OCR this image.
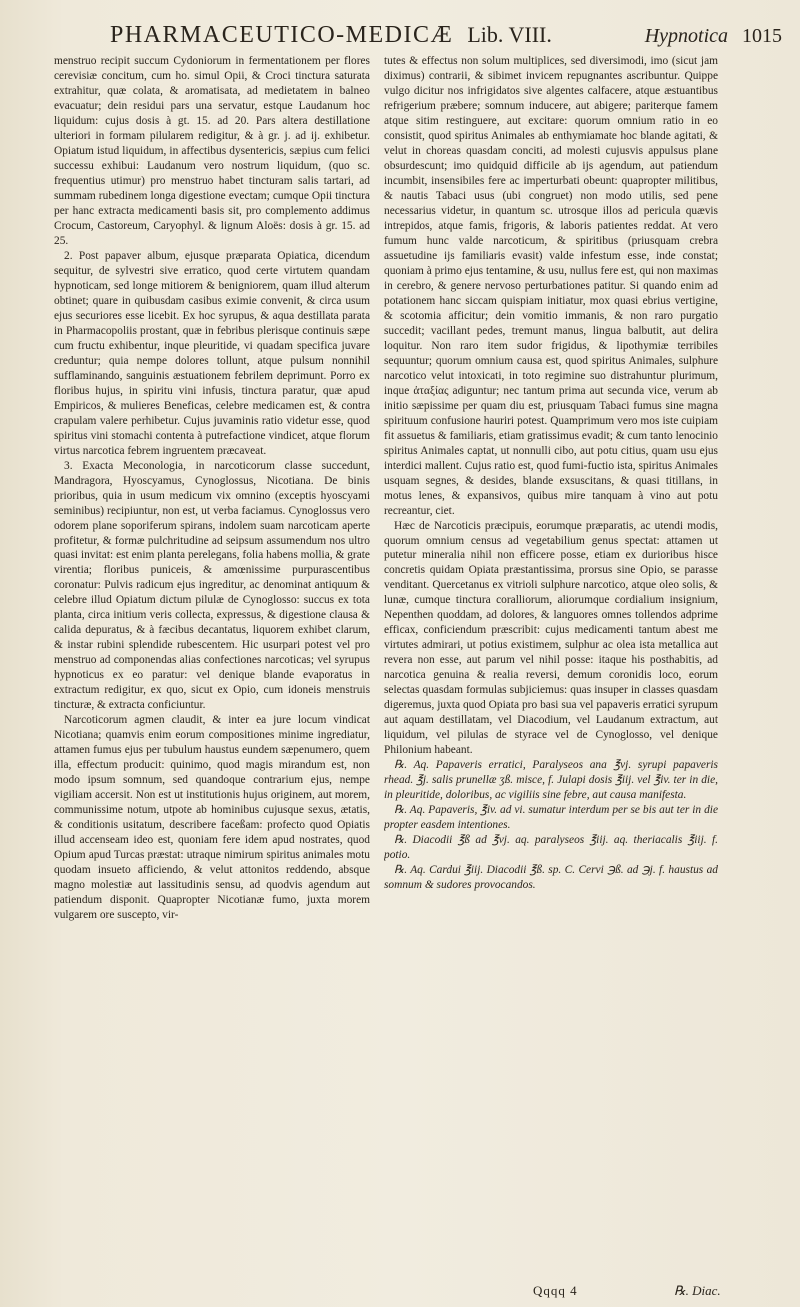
PHARMACEUTICO-MEDICÆ Lib. VIII.	Hypnotica 1015

menstruo recipit succum Cydoniorum in fermentationem per flores cerevisiæ concitum, cum ho. simul Opii, & Croci tinctura saturata extrahitur, quæ colata, & aromatisata, ad medietatem in balneo evacuatur; dein residui pars una servatur, estque Laudanum hoc liquidum: cujus dosis à gt. 15. ad 20. Pars altera destillatione ulteriori in formam pilularem redigitur, & à gr. j. ad ij. exhibetur. Opiatum istud liquidum, in affectibus dysentericis, sæpius cum felici successu exhibui: Laudanum vero nostrum liquidum, (quo sc. frequentius utimur) pro menstruo habet tincturam salis tartari, ad summam rubedinem longa digestione evectam; cumque Opii tinctura per hanc extracta medicamenti basis sit, pro complemento addimus Crocum, Castoreum, Caryophyl. & lignum Aloës: dosis à gr. 15. ad 25.

2. Post papaver album, ejusque præparata Opiatica, dicendum sequitur, de sylvestri sive erratico, quod certe virtutem quandam hypnoticam, sed longe mitiorem & benigniorem, quam illud alterum obtinet; quare in quibusdam casibus eximie convenit, & circa usum ejus securiores esse licebit. Ex hoc syrupus, & aqua destillata parata in Pharmacopoliis prostant, quæ in febribus plerisque continuis sæpe cum fructu exhibentur, inque pleuritide, vi quadam specifica juvare creduntur; quia nempe dolores tollunt, atque pulsum nonnihil sufflaminando, sanguinis æstuationem febrilem deprimunt. Porro ex floribus hujus, in spiritu vini infusis, tinctura paratur, quæ apud Empiricos, & mulieres Beneficas, celebre medicamen est, & contra crapulam valere perhibetur. Cujus juvaminis ratio videtur esse, quod spiritus vini stomachi contenta à putrefactione vindicet, atque florum virtus narcotica febrem ingruentem præcaveat.

3. Exacta Meconologia, in narcoticorum classe succedunt, Mandragora, Hyoscyamus, Cynoglossus, Nicotiana. De binis prioribus, quia in usum medicum vix omnino (exceptis hyoscyami seminibus) recipiuntur, non est, ut verba faciamus. Cynoglossus vero odorem plane soporiferum spirans, indolem suam narcoticam aperte profitetur, & formæ pulchritudine ad seipsum assumendum nos ultro quasi invitat: est enim planta perelegans, folia habens mollia, & grate virentia; floribus puniceis, & amœnissime purpurascentibus coronatur: Pulvis radicum ejus ingreditur, ac denominat antiquum & celebre illud Opiatum dictum pilulæ de Cynoglosso: succus ex tota planta, circa initium veris collecta, expressus, & digestione clausa & calida depuratus, & à fæcibus decantatus, liquorem exhibet clarum, & instar rubini splendide rubescentem. Hic usurpari potest vel pro menstruo ad componendas alias confectiones narcoticas; vel syrupus hypnoticus ex eo paratur: vel denique blande evaporatus in extractum redigitur, ex quo, sicut ex Opio, cum idoneis menstruis tincturæ, & extracta conficiuntur.

Narcoticorum agmen claudit, & inter ea jure locum vindicat Nicotiana; quamvis enim eorum compositiones minime ingrediatur, attamen fumus ejus per tubulum haustus eundem sæpenumero, quem illa, effectum producit: quinimo, quod magis mirandum est, non modo ipsum somnum, sed quandoque contrarium ejus, nempe vigiliam accersit. Non est ut institutionis hujus originem, aut morem, communissime notum, utpote ab hominibus cujusque sexus, ætatis, & conditionis usitatum, describere faceßam: profecto quod Opiatis illud accenseam ideo est, quoniam fere idem apud nostrates, quod Opium apud Turcas præstat: utraque nimirum spiritus animales motu quodam insueto afficiendo, & velut attonitos reddendo, absque magno molestiæ aut lassitudinis sensu, ad quodvis agendum aut patiendum disponit. Quapropter Nicotianæ fumo, juxta morem vulgarem ore suscepto, vir-

tutes & effectus non solum multiplices, sed diversimodi, imo (sicut jam diximus) contrarii, & sibimet invicem repugnantes ascribuntur. Quippe vulgo dicitur nos infrigidatos sive algentes calfacere, atque æstuantibus refrigerium præbere; somnum inducere, aut abigere; pariterque famem atque sitim restinguere, aut excitare: quorum omnium ratio in eo consistit, quod spiritus Animales ab enthymiamate hoc blande agitati, & velut in choreas quasdam conciti, ad molesti cujusvis appulsus plane obsurdescunt; imo quidquid difficile ab ijs agendum, aut patiendum incumbit, insensibiles fere ac imperturbati obeunt: quapropter militibus, & nautis Tabaci usus (ubi congruet) non modo utilis, sed pene necessarius videtur, in quantum sc. utrosque illos ad pericula quævis intrepidos, atque famis, frigoris, & laboris patientes reddat. At vero fumum hunc valde narcoticum, & spiritibus (priusquam crebra assuetudine ijs familiaris evasit) valde infestum esse, inde constat; quoniam à primo ejus tentamine, & usu, nullus fere est, qui non maximas in cerebro, & genere nervoso perturbationes patitur. Si quando enim ad potationem hanc siccam quispiam initiatur, mox quasi ebrius vertigine, & scotomia afficitur; dein vomitio immanis, & non raro purgatio succedit; vacillant pedes, tremunt manus, lingua balbutit, aut delira loquitur. Non raro item sudor frigidus, & lipothymiæ terribiles sequuntur; quorum omnium causa est, quod spiritus Animales, sulphure narcotico velut intoxicati, in toto regimine suo distrahuntur plurimum, inque ἀταξίας adiguntur; nec tantum prima aut secunda vice, verum ab initio sæpissime per quam diu est, priusquam Tabaci fumus sine magna spirituum confusione hauriri potest. Quamprimum vero mos iste cuipiam fit assuetus & familiaris, etiam gratissimus evadit; & cum tanto lenocinio spiritus Animales captat, ut nonnulli cibo, aut potu citius, quam usu ejus interdici mallent. Cujus ratio est, quod fumi-fuctio ista, spiritus Animales usquam segnes, & desides, blande exsuscitans, & quasi titillans, in motus lenes, & expansivos, quibus mire tanquam à vino aut potu recreantur, ciet.

Hæc de Narcoticis præcipuis, eorumque præparatis, ac utendi modis, quorum omnium census ad vegetabilium genus spectat: attamen ut putetur mineralia nihil non efficere posse, etiam ex durioribus hisce concretis quidam Opiata præstantissima, prorsus sine Opio, se parasse venditant. Quercetanus ex vitrioli sulphure narcotico, atque oleo solis, & lunæ, cumque tinctura coralliorum, aliorumque cordialium insignium, Nepenthen quoddam, ad dolores, & languores omnes tollendos adprime efficax, conficiendum præscribit: cujus medicamenti tantum abest me virtutes admirari, ut potius existimem, sulphur ac olea ista metallica aut revera non esse, aut parum vel nihil posse: itaque his posthabitis, ad narcotica genuina & realia reversi, demum coronidis loco, eorum selectas quasdam formulas subjiciemus: quas insuper in classes quasdam digeremus, juxta quod Opiata pro basi sua vel papaveris erratici syrupum aut aquam destillatam, vel Diacodium, vel Laudanum extractum, aut liquidum, vel pilulas de styrace vel de Cynoglosso, vel denique Philonium habeant.

℞. Aq. Papaveris erratici, Paralyseos ana ℥vj. syrupi papaveris rhead. ℥j. salis prunellæ ʒß. misce, f. Julapi dosis ℥iij. vel ℥iv. ter in die, in pleuritide, doloribus, ac vigiliis sine febre, aut causa manifesta.

℞. Aq. Papaveris, ℥iv. ad vi. sumatur interdum per se bis aut ter in die propter easdem intentiones.

℞. Diacodii ℥ß ad ℥vj. aq. paralyseos ℥iij. aq. theriacalis ℥iij. f. potio.

℞. Aq. Cardui ℥iij. Diacodii ℥ß. sp. C. Cervi ℈ß. ad ℈j. f. haustus ad somnum & sudores provocandos.

Qqqq 4	℞. Diac.
